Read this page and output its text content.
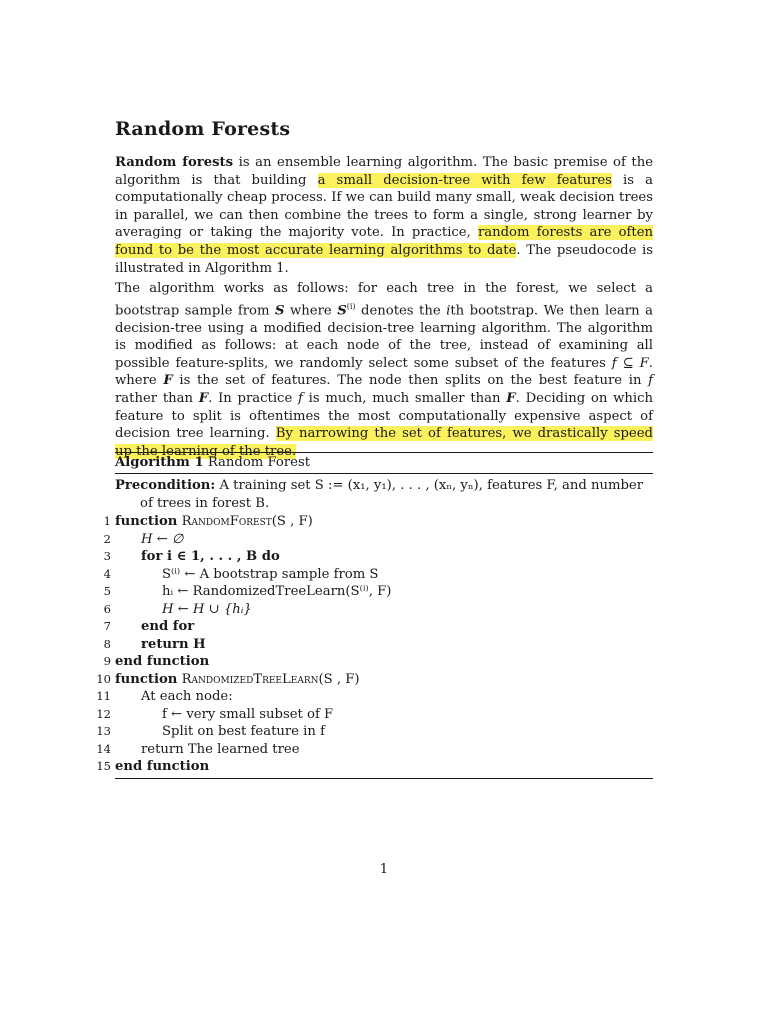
Random Forests

Random forests is an ensemble learning algorithm. The basic premise of the algorithm is that building a small decision-tree with few features is a computationally cheap process. If we can build many small, weak decision trees in parallel, we can then combine the trees to form a single, strong learner by averaging or taking the majority vote. In practice, random forests are often found to be the most accurate learning algorithms to date. The pseudocode is illustrated in Algorithm 1.

The algorithm works as follows: for each tree in the forest, we select a bootstrap sample from S where $S^{(i)}$ denotes the ith bootstrap. We then learn a decision-tree using a modified decision-tree learning algorithm. The algorithm is modified as follows: at each node of the tree, instead of examining all possible feature-splits, we randomly select some subset of the features f ⊆ F. where F is the set of features. The node then splits on the best feature in f rather than F. In practice f is much, much smaller than F. Deciding on which feature to split is oftentimes the most computationally expensive aspect of decision tree learning. By narrowing the set of features, we drastically speed up the learning of the tree.

Algorithm 1 Random Forest
Precondition: A training set S := (x₁, y₁), . . . , (xₙ, yₙ), features F, and number
of trees in forest B.
1 function RandomForest(S , F)
2	H ← ∅
3	for i ∈ 1, . . . , B do
4	S⁽ⁱ⁾ ← A bootstrap sample from S
5	hᵢ ← RandomizedTreeLearn(S⁽ⁱ⁾, F)
6	H ← H ∪ {hᵢ}
7	end for
8	return H
9 end function
10 function RandomizedTreeLearn(S , F)
11	At each node:
12	f ← very small subset of F
13	Split on best feature in f
14	return The learned tree
15 end function
1
